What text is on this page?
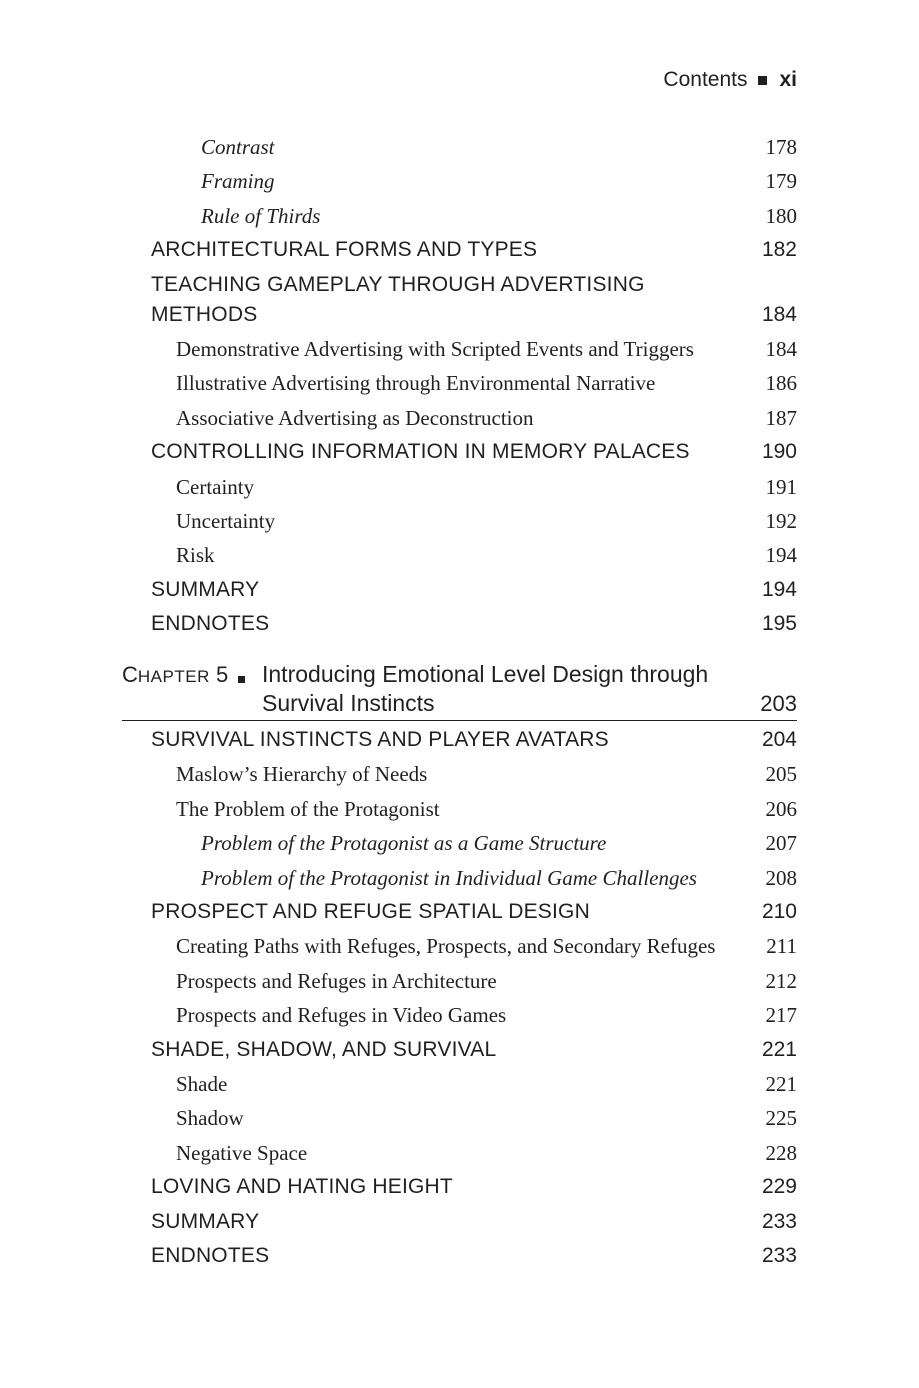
Contents xi
Contrast	178
Framing	179
Rule of Thirds	180
ARCHITECTURAL FORMS AND TYPES	182
TEACHING GAMEPLAY THROUGH ADVERTISING
METHODS	184
Demonstrative Advertising with Scripted Events and Triggers	184
Illustrative Advertising through Environmental Narrative	186
Associative Advertising as Deconstruction	187
CONTROLLING INFORMATION IN MEMORY PALACES	190
Certainty	191
Uncertainty	192
Risk	194
SUMMARY	194
ENDNOTES	195
CHAPTER 5 Introducing Emotional Level Design through
Survival Instincts	203
SURVIVAL INSTINCTS AND PLAYER AVATARS	204
Maslow’s Hierarchy of Needs	205
The Problem of the Protagonist	206
Problem of the Protagonist as a Game Structure	207
Problem of the Protagonist in Individual Game Challenges	208
PROSPECT AND REFUGE SPATIAL DESIGN	210
Creating Paths with Refuges, Prospects, and Secondary Refuges 211
Prospects and Refuges in Architecture	212
Prospects and Refuges in Video Games	217
SHADE, SHADOW, AND SURVIVAL	221
Shade	221
Shadow	225
Negative Space	228
LOVING AND HATING HEIGHT	229
SUMMARY	233
ENDNOTES	233
